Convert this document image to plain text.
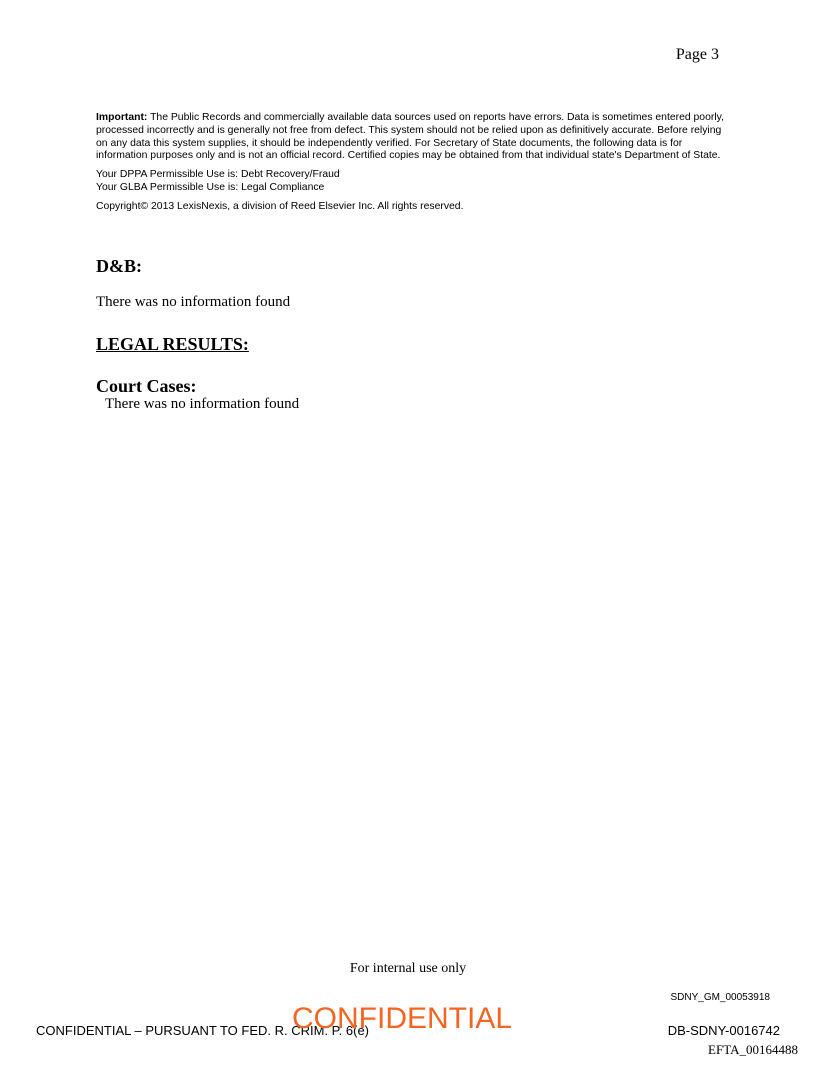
Page 3

Important: The Public Records and commercially available data sources used on reports have errors. Data is sometimes entered poorly, processed incorrectly and is generally not free from defect. This system should not be relied upon as definitively accurate. Before relying on any data this system supplies, it should be independently verified. For Secretary of State documents, the following data is for information purposes only and is not an official record. Certified copies may be obtained from that individual state's Department of State.

Your DPPA Permissible Use is: Debt Recovery/Fraud
Your GLBA Permissible Use is: Legal Compliance

Copyright© 2013 LexisNexis, a division of Reed Elsevier Inc. All rights reserved.

D&B:
There was no information found
LEGAL RESULTS:
Court Cases:
There was no information found
For internal use only
SDNY_GM_00053918
CONFIDENTIAL – PURSUANT TO FED. R. CRIM. P. 6(e)
CONFIDENTIAL	DB-SDNY-0016742
EFTA_00164488
